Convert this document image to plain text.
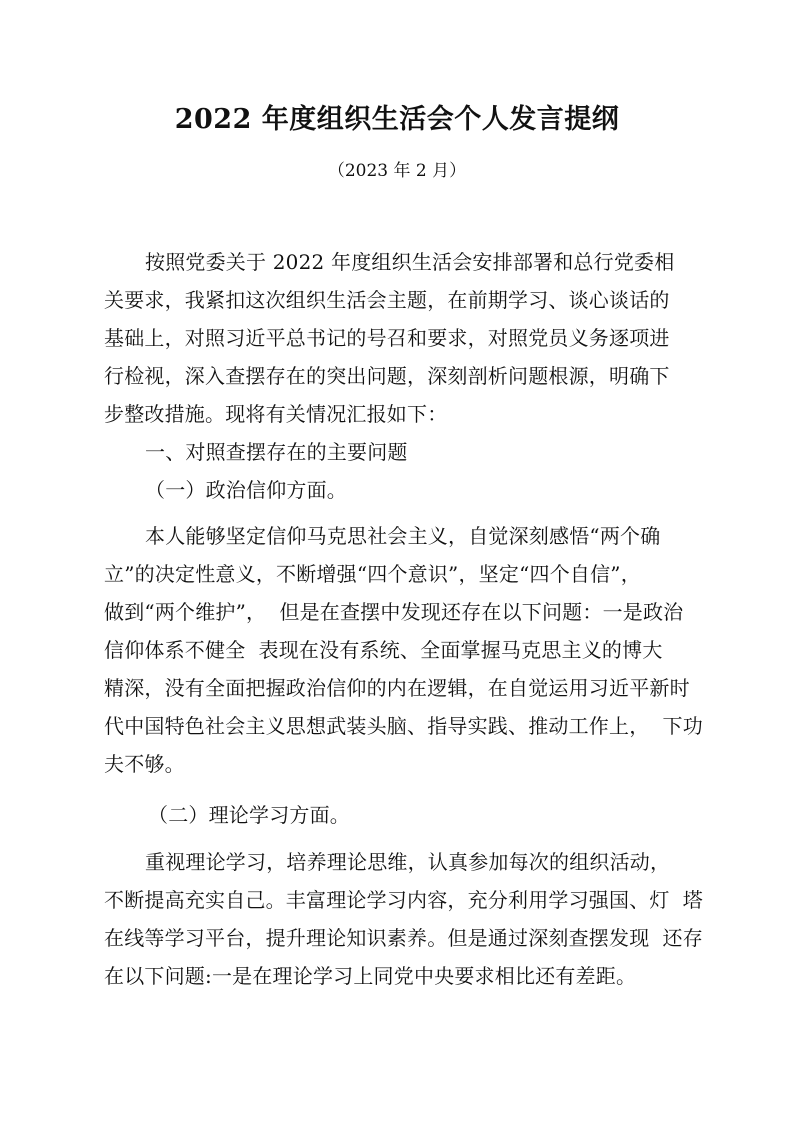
2022 年度组织生活会个人发言提纲
（2023 年 2 月）
按照党委关于 2022 年度组织生活会安排部署和总行党委相
关要求，我紧扣这次组织生活会主题，在前期学习、谈心谈话的
基础上，对照习近平总书记的号召和要求，对照党员义务逐项进
行检视，深入查摆存在的突出问题，深刻剖析问题根源，明确下
步整改措施。现将有关情况汇报如下：
一、对照查摆存在的主要问题
（一）政治信仰方面。
本人能够坚定信仰马克思社会主义，自觉深刻感悟“两个确
立”的决定性意义，不断增强“四个意识”，坚定“四个自信”，
做到“两个维护”，  但是在查摆中发现还存在以下问题：一是政治
信仰体系不健全  表现在没有系统、全面掌握马克思主义的博大
精深，没有全面把握政治信仰的内在逻辑，在自觉运用习近平新时
代中国特色社会主义思想武装头脑、指导实践、推动工作上，  下功
夫不够。
（二）理论学习方面。
重视理论学习，培养理论思维，认真参加每次的组织活动，
不断提高充实自己。丰富理论学习内容，充分利用学习强国、灯  塔
在线等学习平台，提升理论知识素养。但是通过深刻查摆发现  还存
在以下问题:一是在理论学习上同党中央要求相比还有差距。
